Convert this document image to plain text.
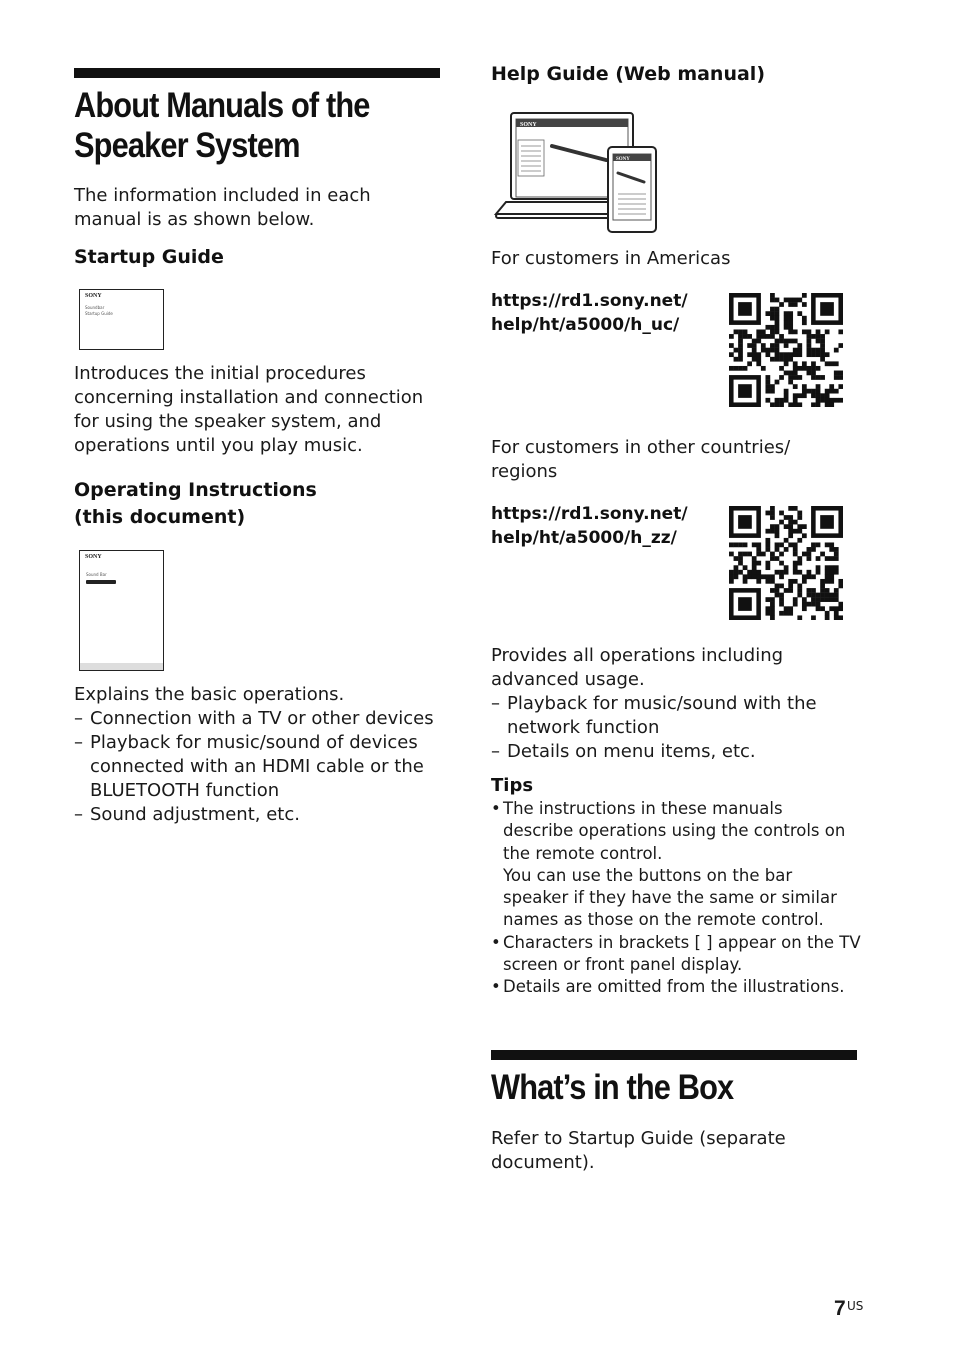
About Manuals of the
Speaker System
The information included in each
manual is as shown below.
Startup Guide
SONY
Soundbar
Startup Guide
Introduces the initial procedures
concerning installation and connection
for using the speaker system, and
operations until you play music.
Operating Instructions
(this document)
SONY
Sound Bar
Explains the basic operations.
– Connection with a TV or other devices
– Playback for music/sound of devices
connected with an HDMI cable or the
BLUETOOTH function
– Sound adjustment, etc.
Help Guide (Web manual)
SONY
SONY
For customers in Americas
https://rd1.sony.net/
help/ht/a5000/h_uc/
For customers in other countries/
regions
https://rd1.sony.net/
help/ht/a5000/h_zz/
Provides all operations including
advanced usage.
– Playback for music/sound with the
network function
– Details on menu items, etc.
Tips
• The instructions in these manuals
describe operations using the controls on
the remote control.
You can use the buttons on the bar
speaker if they have the same or similar
names as those on the remote control.
• Characters in brackets [ ] appear on the TV
screen or front panel display.
• Details are omitted from the illustrations.
What’s in the Box
Refer to Startup Guide (separate
document).
7 US
